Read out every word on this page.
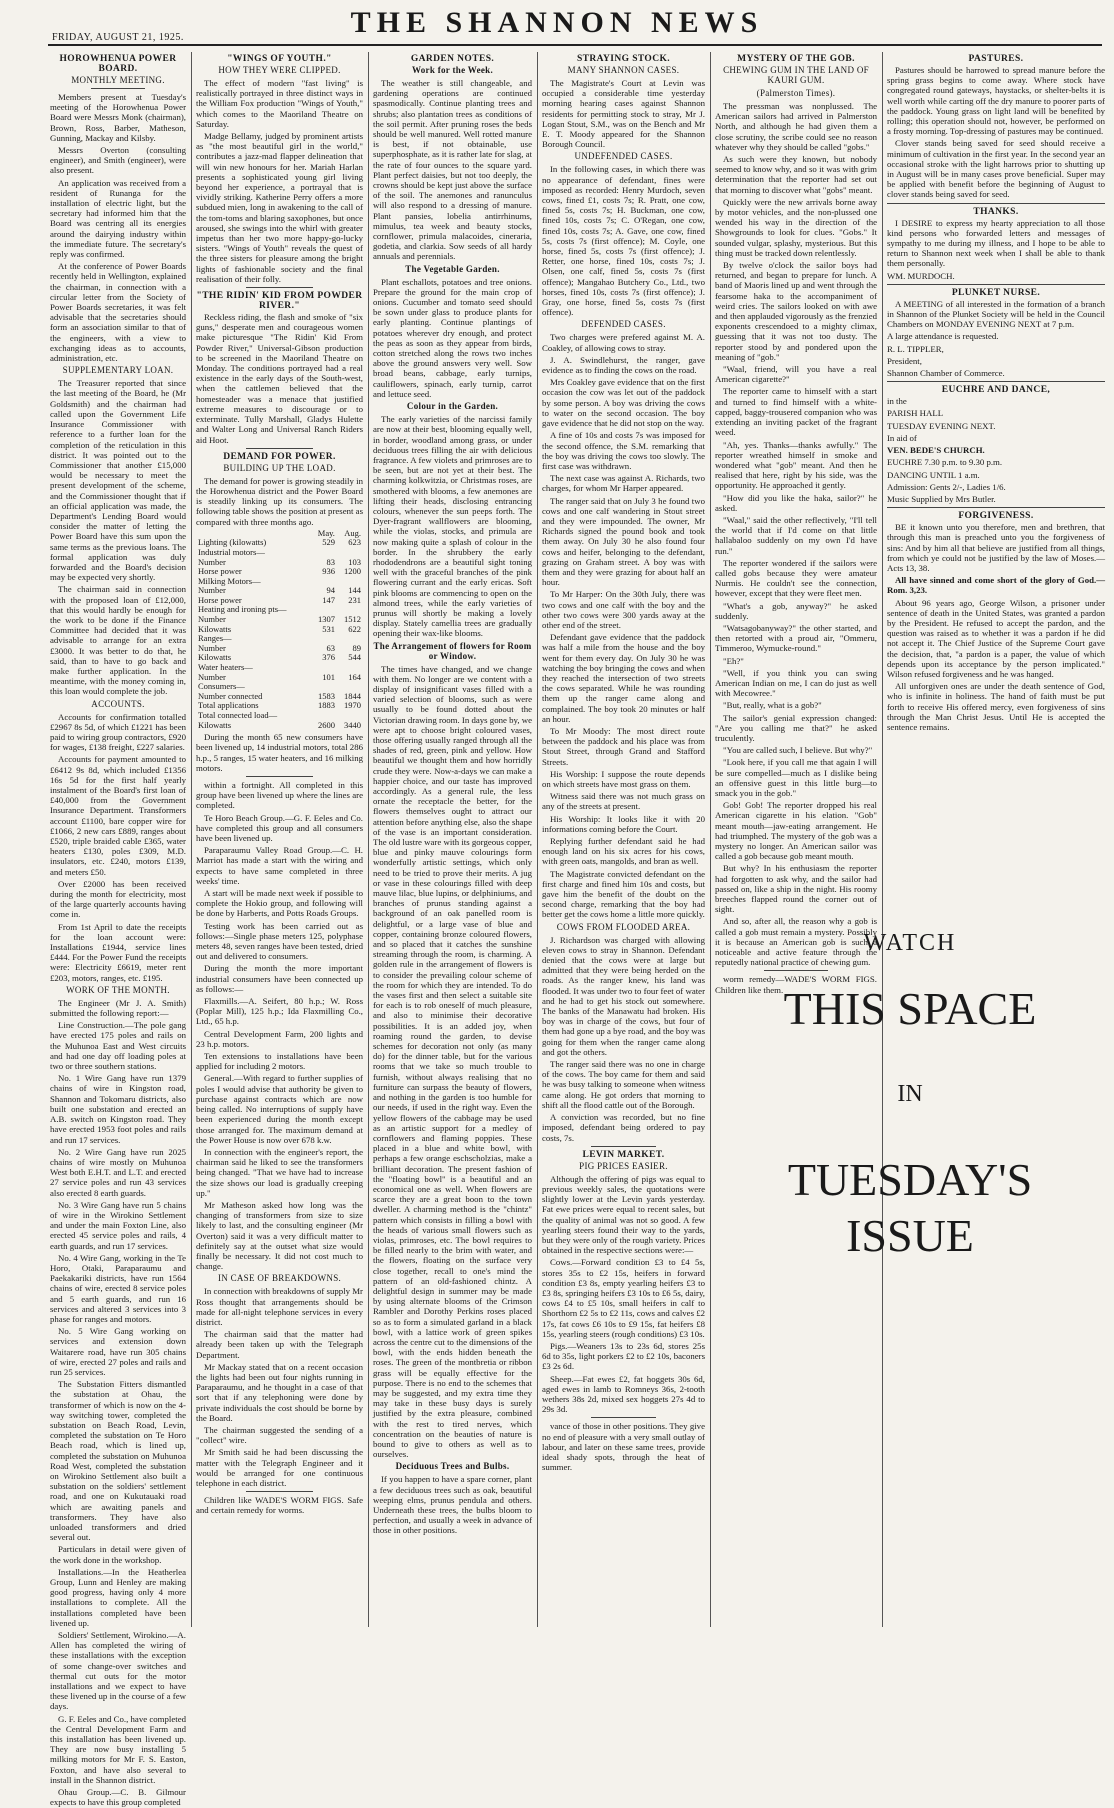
FRIDAY, AUGUST 21, 1925.	THE SHANNON NEWS
HOROWHENUA POWER BOARD.
MONTHLY MEETING.

Members present at Tuesday's meeting of the Horowhenua Power Board were Messrs Monk (chairman), Brown, Ross, Barber, Matheson, Gunning, Mackay and Kilsby.

Messrs Overton (consulting engineer), and Smith (engineer), were also present.

An application was received from a resident of Runanga for the installation of electric light, but the secretary had informed him that the Board was centring all its energies around the dairying industry within the immediate future. The secretary's reply was confirmed.

At the conference of Power Boards recently held in Wellington, explained the chairman, in connection with a circular letter from the Society of Power Boards secretaries, it was felt advisable that the secretaries should form an association similar to that of the engineers, with a view to exchanging ideas as to accounts, administration, etc.

SUPPLEMENTARY LOAN.

The Treasurer reported that since the last meeting of the Board, he (Mr Goldsmith) and the chairman had called upon the Government Life Insurance Commissioner with reference to a further loan for the completion of the reticulation in this district. It was pointed out to the Commissioner that another £15,000 would be necessary to meet the present development of the scheme, and the Commissioner thought that if an official application was made, the Department's Lending Board would consider the matter of letting the Power Board have this sum upon the same terms as the previous loans. The formal application was duly forwarded and the Board's decision may be expected very shortly.

The chairman said in connection with the proposed loan of £12,000, that this would hardly be enough for the work to be done if the Finance Committee had decided that it was advisable to arrange for an extra £3000. It was better to do that, he said, than to have to go back and make further application. In the meantime, with the money coming in, this loan would complete the job.

ACCOUNTS.

Accounts for confirmation totalled £2967 8s 5d, of which £1221 has been paid to wiring group contractors, £920 for wages, £138 freight, £227 salaries.

Accounts for payment amounted to £6412 9s 8d, which included £1356 16s 5d for the first half yearly instalment of the Board's first loan of £40,000 from the Government Insurance Department. Transformers account £1100, bare copper wire for £1066, 2 new cars £889, ranges about £520, triple braided cable £365, water heaters £130, poles £309, M.D. insulators, etc. £240, motors £139, and meters £50.

Over £2000 has been received during the month for electricity, most of the large quarterly accounts having come in.

From 1st April to date the receipts for the loan account were: Installations £1944, service lines £444. For the Power Fund the receipts were: Electricity £6619, meter rent £203, motors, ranges, etc. £195.

WORK OF THE MONTH.

The Engineer (Mr J. A. Smith) submitted the following report:—

Line Construction.—The pole gang have erected 175 poles and rails on the Muhunoa East and West circuits and had one day off loading poles at two or three southern stations.

No. 1 Wire Gang have run 1379 chains of wire in Kingston road, Shannon and Tokomaru districts, also built one substation and erected an A.B. switch on Kingston road. They have erected 1953 foot poles and rails and run 17 services.

No. 2 Wire Gang have run 2025 chains of wire mostly on Muhunoa West both E.H.T. and L.T. and erected 27 service poles and run 43 services also erected 8 earth guards.

No. 3 Wire Gang have run 5 chains of wire in the Wirokino Settlement and under the main Foxton Line, also erected 45 service poles and rails, 4 earth guards, and run 17 services.

No. 4 Wire Gang, working in the Te Horo, Otaki, Paraparaumu and Paekakariki districts, have run 1564 chains of wire, erected 8 service poles and 5 earth guards, and run 16 services and altered 3 services into 3 phase for ranges and motors.

No. 5 Wire Gang working on services and extension down Waitarere road, have run 305 chains of wire, erected 27 poles and rails and run 25 services.

The Substation Fitters dismantled the substation at Ohau, the transformer of which is now on the 4-way switching tower, completed the substation on Beach Road, Levin, completed the substation on Te Horo Beach road, which is lined up, completed the substation on Muhunoa Road West, completed the substation on Wirokino Settlement also built a substation on the soldiers' settlement road, and one on Kukutauaki road which are awaiting panels and transformers. They have also unloaded transformers and dried several out.

Particulars in detail were given of the work done in the workshop.

Installations.—In the Heatherlea Group, Lunn and Henley are making good progress, having only 4 more installations to complete. All the installations completed have been livened up.

Soldiers' Settlement, Wirokino.—A. Allen has completed the wiring of these installations with the exception of some change-over switches and thermal cut outs for the motor installations and we expect to have these livened up in the course of a few days.

G. F. Eeles and Co., have completed the Central Development Farm and this installation has been livened up. They are now busy installing 5 milking motors for Mr F. S. Easton, Foxton, and have also several to install in the Shannon district.

Ohau Group.—C. B. Gilmour expects to have this group completed

"WINGS OF YOUTH."
HOW THEY WERE CLIPPED.

The effect of modern "fast living" is realistically portrayed in three distinct ways in the William Fox production "Wings of Youth," which comes to the Maoriland Theatre on Saturday.

Madge Bellamy, judged by prominent artists as "the most beautiful girl in the world," contributes a jazz-mad flapper delineation that will win new honours for her. Mariah Harlan presents a sophisticated young girl living beyond her experience, a portrayal that is vividly striking. Katherine Perry offers a more subdued mien, long in awakening to the call of the tom-toms and blaring saxophones, but once aroused, she swings into the whirl with greater impetus than her two more happy-go-lucky sisters. "Wings of Youth" reveals the quest of the three sisters for pleasure among the bright lights of fashionable society and the final realisation of their folly.

"THE RIDIN' KID FROM POWDER RIVER."

Reckless riding, the flash and smoke of "six guns," desperate men and courageous women make picturesque "The Ridin' Kid From Powder River," Universal-Gibson production to be screened in the Maoriland Theatre on Monday. The conditions portrayed had a real existence in the early days of the South-west, when the cattlemen believed that the homesteader was a menace that justified extreme measures to discourage or to exterminate. Tully Marshall, Gladys Hulette and Walter Long and Universal Ranch Riders aid Hoot.

DEMAND FOR POWER.
BUILDING UP THE LOAD.

The demand for power is growing steadily in the Horowhenua district and the Power Board is steadily linking up its consumers. The following table shows the position at present as compared with three months ago.

	May.	Aug.
Lighting (kilowatts)	529	623
Industrial motors—		
Number	83	103
Horse power	936	1200
Milking Motors—		
Number	94	144
Horse power	147	231
Heating and ironing pts—		
Number	1307	1512
Kilowatts	531	622
Ranges—		
Number	63	89
Kilowatts	376	544
Water heaters—		
Number	101	164
Consumers—		
Number connected	1583	1844
Total applications	1883	1970
Total connected load—		
Kilowatts	2600	3440

During the month 65 new consumers have been livened up, 14 industrial motors, total 286 h.p., 5 ranges, 15 water heaters, and 16 milking motors.

within a fortnight. All completed in this group have been livened up where the lines are completed.

Te Horo Beach Group.—G. F. Eeles and Co. have completed this group and all consumers have been livened up.

Paraparaumu Valley Road Group.—C. H. Marriot has made a start with the wiring and expects to have same completed in three weeks' time.

A start will be made next week if possible to complete the Hokio group, and following will be done by Harberts, and Potts Roads Groups.

Testing work has been carried out as follows:—Single phase meters 125, polyphase meters 48, seven ranges have been tested, dried out and delivered to consumers.

During the month the more important industrial consumers have been connected up as follows:—

Flaxmills.—A. Seifert, 80 h.p.; W. Ross (Poplar Mill), 125 h.p.; Ida Flaxmilling Co., Ltd., 65 h.p.

Central Development Farm, 200 lights and 23 h.p. motors.

Ten extensions to installations have been applied for including 2 motors.

General.—With regard to further supplies of poles I would advise that authority be given to purchase against contracts which are now being called. No interruptions of supply have been experienced during the month except those arranged for. The maximum demand at the Power House is now over 678 k.w.

In connection with the engineer's report, the chairman said he liked to see the transformers being changed. "That we have had to increase the size shows our load is gradually creeping up."

Mr Matheson asked how long was the changing of transformers from size to size likely to last, and the consulting engineer (Mr Overton) said it was a very difficult matter to definitely say at the outset what size would finally be necessary. It did not cost much to change.

IN CASE OF BREAKDOWNS.

In connection with breakdowns of supply Mr Ross thought that arrangements should be made for all-night telephone services in every district.

The chairman said that the matter had already been taken up with the Telegraph Department.

Mr Mackay stated that on a recent occasion the lights had been out four nights running in Paraparaumu, and he thought in a case of that sort that if any telephoning were done by private individuals the cost should be borne by the Board.

The chairman suggested the sending of a "collect" wire.

Mr Smith said he had been discussing the matter with the Telegraph Engineer and it would be arranged for one continuous telephone in each district.

Children like WADE'S WORM FIGS. Safe and certain remedy for worms.

GARDEN NOTES.
Work for the Week.

The weather is still changeable, and gardening operations are continued spasmodically. Continue planting trees and shrubs; also plantation trees as conditions of the soil permit. After pruning roses the beds should be well manured. Well rotted manure is best, if not obtainable, use superphosphate, as it is rather late for slag, at the rate of four ounces to the square yard. Plant perfect daisies, but not too deeply, the crowns should be kept just above the surface of the soil. The anemones and ranunculus will also respond to a dressing of manure. Plant pansies, lobelia antirrhinums, mimulus, tea week and beauty stocks, cornflower, primula malacoides, cineraria, godetia, and clarkia. Sow seeds of all hardy annuals and perennials.

The Vegetable Garden.

Plant eschallots, potatoes and tree onions. Prepare the ground for the main crop of onions. Cucumber and tomato seed should be sown under glass to produce plants for early planting. Continue plantings of potatoes wherever dry enough, and protect the peas as soon as they appear from birds, cotton stretched along the rows two inches above the ground answers very well. Sow broad beans, cabbage, early turnips, cauliflowers, spinach, early turnip, carrot and lettuce seed.

Colour in the Garden.

The early varieties of the narcissi family are now at their best, blooming equally well, in border, woodland among grass, or under deciduous trees filling the air with delicious fragrance. A few violets and primroses are to be seen, but are not yet at their best. The charming kolkwitzia, or Christmas roses, are smothered with blooms, a few anemones are lifting their heads, disclosing entrancing colours, whenever the sun peeps forth. The Dyer-fragrant wallflowers are blooming, while the violas, stocks, and primula are now making quite a splash of colour in the border. In the shrubbery the early rhododendrons are a beautiful sight toning well with the graceful branches of the pink flowering currant and the early ericas. Soft pink blooms are commencing to open on the almond trees, while the early varieties of prunus will shortly be making a lovely display. Stately camellia trees are gradually opening their wax-like blooms.

The Arrangement of flowers for Room or Window.

The times have changed, and we change with them. No longer are we content with a display of insignificant vases filled with a varied selection of blooms, such as were usually to be found dotted about the Victorian drawing room. In days gone by, we were apt to choose bright coloured vases, those offering usually ranged through all the shades of red, green, pink and yellow. How beautiful we thought them and how horridly crude they were. Now-a-days we can make a happier choice, and our taste has improved accordingly. As a general rule, the less ornate the receptacle the better, for the flowers themselves ought to attract our attention before anything else, also the shape of the vase is an important consideration. The old lustre ware with its gorgeous copper, blue and pinky mauve colourings form wonderfully artistic settings, which only need to be tried to prove their merits. A jug or vase in these colourings filled with deep mauve lilac, blue lupins, or delphiniums, and branches of prunus standing against a background of an oak panelled room is delightful, or a large vase of blue and copper, containing bronze coloured flowers, and so placed that it catches the sunshine streaming through the room, is charming. A golden rule in the arrangement of flowers is to consider the prevailing colour scheme of the room for which they are intended. To do the vases first and then select a suitable site for each is to rob oneself of much pleasure, and also to minimise their decorative possibilities. It is an added joy, when roaming round the garden, to devise schemes for decoration not only (as many do) for the dinner table, but for the various rooms that we take so much trouble to furnish, without always realising that no furniture can surpass the beauty of flowers, and nothing in the garden is too humble for our needs, if used in the right way. Even the yellow flowers of the cabbage may be used as an artistic support for a medley of cornflowers and flaming poppies. These placed in a blue and white bowl, with perhaps a few orange eschscholzias, make a brilliant decoration. The present fashion of the "floating bowl" is a beautiful and an economical one as well. When flowers are scarce they are a great boon to the town dweller. A charming method is the "chintz" pattern which consists in filling a bowl with the heads of various small flowers such as violas, primroses, etc. The bowl requires to be filled nearly to the brim with water, and the flowers, floating on the surface very close together, recall to one's mind the pattern of an old-fashioned chintz. A delightful design in summer may be made by using alternate blooms of the Crimson Rambler and Dorothy Perkins roses placed so as to form a simulated garland in a black bowl, with a lattice work of green spikes across the centre cut to the dimensions of the bowl, with the ends hidden beneath the roses. The green of the montbretia or ribbon grass will be equally effective for the purpose. There is no end to the schemes that may be suggested, and my extra time they may take in these busy days is surely justified by the extra pleasure, combined with the rest to tired nerves, which concentration on the beauties of nature is bound to give to others as well as to ourselves.

Deciduous Trees and Bulbs.

If you happen to have a spare corner, plant a few deciduous trees such as oak, beautiful weeping elms, prunus pendula and others. Underneath these trees, the bulbs bloom to perfection, and usually a week in advance of those in other positions.

STRAYING STOCK.
MANY SHANNON CASES.

The Magistrate's Court at Levin was occupied a considerable time yesterday morning hearing cases against Shannon residents for permitting stock to stray, Mr J. Logan Stout, S.M., was on the Bench and Mr E. T. Moody appeared for the Shannon Borough Council.

UNDEFENDED CASES.

In the following cases, in which there was no appearance of defendant, fines were imposed as recorded: Henry Murdoch, seven cows, fined £1, costs 7s; R. Pratt, one cow, fined 5s, costs 7s; H. Buckman, one cow, fined 10s, costs 7s; C. O'Regan, one cow, fined 10s, costs 7s; A. Gave, one cow, fined 5s, costs 7s (first offence); M. Coyle, one horse, fined 5s, costs 7s (first offence); J. Retter, one horse, fined 10s, costs 7s; J. Olsen, one calf, fined 5s, costs 7s (first offence); Mangahao Butchery Co., Ltd., two horses, fined 10s, costs 7s (first offence); J. Gray, one horse, fined 5s, costs 7s (first offence).

DEFENDED CASES.

Two charges were prefered against M. A. Coakley, of allowing cows to stray.

J. A. Swindlehurst, the ranger, gave evidence as to finding the cows on the road.

Mrs Coakley gave evidence that on the first occasion the cow was let out of the paddock by some person. A boy was driving the cows to water on the second occasion. The boy gave evidence that he did not stop on the way.

A fine of 10s and costs 7s was imposed for the second offence, the S.M. remarking that the boy was driving the cows too slowly. The first case was withdrawn.

The next case was against A. Richards, two charges, for whom Mr Harper appeared.

The ranger said that on July 3 he found two cows and one calf wandering in Stout street and they were impounded. The owner, Mr Richards signed the pound book and took them away. On July 30 he also found four cows and heifer, belonging to the defendant, grazing on Graham street. A boy was with them and they were grazing for about half an hour.

To Mr Harper: On the 30th July, there was two cows and one calf with the boy and the other two cows were 300 yards away at the other end of the street.

Defendant gave evidence that the paddock was half a mile from the house and the boy went for them every day. On July 30 he was watching the boy bringing the cows and when they reached the intersection of two streets the cows separated. While he was rounding them up the ranger came along and complained. The boy took 20 minutes or half an hour.

To Mr Moody: The most direct route between the paddock and his place was from Stout Street, through Grand and Stafford Streets.

His Worship: I suppose the route depends on which streets have most grass on them.

Witness said there was not much grass on any of the streets at present.

His Worship: It looks like it with 20 informations coming before the Court.

Replying further defendant said he had enough land on his six acres for his cows, with green oats, mangolds, and bran as well.

The Magistrate convicted defendant on the first charge and fined him 10s and costs, but gave him the benefit of the doubt on the second charge, remarking that the boy had better get the cows home a little more quickly.

COWS FROM FLOODED AREA.

J. Richardson was charged with allowing eleven cows to stray in Shannon. Defendant denied that the cows were at large but admitted that they were being herded on the roads. As the ranger knew, his land was flooded. It was under two to four feet of water and he had to get his stock out somewhere. The banks of the Manawatu had broken. His boy was in charge of the cows, but four of them had gone up a bye road, and the boy was going for them when the ranger came along and got the others.

The ranger said there was no one in charge of the cows. The boy came for them and said he was busy talking to someone when witness came along. He got orders that morning to shift all the flood cattle out of the Borough.

A conviction was recorded, but no fine imposed, defendant being ordered to pay costs, 7s.

LEVIN MARKET.
PIG PRICES EASIER.

Although the offering of pigs was equal to previous weekly sales, the quotations were slightly lower at the Levin yards yesterday. Fat ewe prices were equal to recent sales, but the quality of animal was not so good. A few yearling steers found their way to the yards, but they were only of the rough variety. Prices obtained in the respective sections were:—

Cows.—Forward condition £3 to £4 5s, stores 35s to £2 15s, heifers in forward condition £3 8s, empty yearling heifers £3 to £3 8s, springing heifers £3 10s to £6 5s, dairy, cows £4 to £5 10s, small heifers in calf to Shorthorn £2 5s to £2 11s, cows and calves £2 17s, fat cows £6 10s to £9 15s, fat heifers £8 15s, yearling steers (rough conditions) £3 10s.

Pigs.—Weaners 13s to 23s 6d, stores 25s 6d to 35s, light porkers £2 to £2 10s, baconers £3 2s 6d.

Sheep.—Fat ewes £2, fat hoggets 30s 6d, aged ewes in lamb to Romneys 36s, 2-tooth wethers 38s 2d, mixed sex hoggets 27s 4d to 29s 3d.

vance of those in other positions. They give no end of pleasure with a very small outlay of labour, and later on these same trees, provide ideal shady spots, through the heat of summer.

MYSTERY OF THE GOB.
CHEWING GUM IN THE LAND OF KAURI GUM.
(Palmerston Times).

The pressman was nonplussed. The American sailors had arrived in Palmerston North, and although he had given them a close scrutiny, the scribe could see no reason whatever why they should be called "gobs."

As such were they known, but nobody seemed to know why, and so it was with grim determination that the reporter had set out that morning to discover what "gobs" meant.

Quickly were the new arrivals borne away by motor vehicles, and the non-plussed one wended his way in the direction of the Showgrounds to look for clues. "Gobs." It sounded vulgar, splashy, mysterious. But this thing must be tracked down relentlessly.

By twelve o'clock the sailor boys had returned, and began to prepare for lunch. A band of Maoris lined up and went through the fearsome haka to the accompaniment of weird cries. The sailors looked on with awe and then applauded vigorously as the frenzied exponents crescendoed to a mighty climax, guessing that it was not too dusty. The reporter stood by and pondered upon the meaning of "gob."

"Waal, friend, will you have a real American cigarette?"

The reporter came to himself with a start and turned to find himself with a white-capped, baggy-trousered companion who was extending an inviting packet of the fragrant weed.

"Ah, yes. Thanks—thanks awfully." The reporter wreathed himself in smoke and wondered what "gob" meant. And then he realised that here, right by his side, was the opportunity. He approached it gently.

"How did you like the haka, sailor?" he asked.

"Waal," said the other reflectively, "I'll tell the world that if I'd come on that little hallabaloo suddenly on my own I'd have run."

The reporter wondered if the sailors were called gobs because they were amateur Nurmis. He couldn't see the connection, however, except that they were fleet men.

"What's a gob, anyway?" he asked suddenly.

"Watsagobanyway?" the other started, and then retorted with a proud air, "Ommeru, Timmeroo, Wymucke-round."

"Eh?"

"Well, if you think you can swing American Indian on me, I can do just as well with Mecowree."

"But, really, what is a gob?"

The sailor's genial expression changed: "Are you calling me that?" he asked truculently.

"You are called such, I believe. But why?"

"Look here, if you call me that again I will be sure compelled—much as I dislike being an offensive guest in this little burg—to smack you in the gob."

Gob! Gob! The reporter dropped his real American cigarette in his elation. "Gob" meant mouth—jaw-eating arrangement. He had triumphed. The mystery of the gob was a mystery no longer. An American sailor was called a gob because gob meant mouth.

But why? In his enthusiasm the reporter had forgotten to ask why, and the sailor had passed on, like a ship in the night. His roomy breeches flapped round the corner out of sight.

And so, after all, the reason why a gob is called a gob must remain a mystery. Possibly it is because an American gob is such a noticeable and active feature through the reputedly national practice of chewing gum.

worm remedy—WADE'S WORM FIGS. Children like them.

PASTURES.

Pastures should be harrowed to spread manure before the spring grass begins to come away. Where stock have congregated round gateways, haystacks, or shelter-belts it is well worth while carting off the dry manure to poorer parts of the paddock. Young grass on light land will be benefited by rolling; this operation should not, however, be performed on a frosty morning. Top-dressing of pastures may be continued.

Clover stands being saved for seed should receive a minimum of cultivation in the first year. In the second year an occasional stroke with the light harrows prior to shutting up in August will be in many cases prove beneficial. Super may be applied with benefit before the beginning of August to clover stands being saved for seed.

THANKS.

I DESIRE to express my hearty appreciation to all those kind persons who forwarded letters and messages of sympathy to me during my illness, and I hope to be able to return to Shannon next week when I shall be able to thank them personally.

WM. MURDOCH.

PLUNKET NURSE.

A MEETING of all interested in the formation of a branch in Shannon of the Plunket Society will be held in the Council Chambers on MONDAY EVENING NEXT at 7 p.m.

A large attendance is requested.

R. L. TIPPLER,

President,

Shannon Chamber of Commerce.

EUCHRE AND DANCE,

in the

PARISH HALL

TUESDAY EVENING NEXT.

In aid of

VEN. BEDE'S CHURCH.

EUCHRE 7.30 p.m. to 9.30 p.m.

DANCING UNTIL 1 a.m.

Admission: Gents 2/-, Ladies 1/6.

Music Supplied by Mrs Butler.

FORGIVENESS.

BE it known unto you therefore, men and brethren, that through this man is preached unto you the forgiveness of sins: And by him all that believe are justified from all things, from which ye could not be justified by the law of Moses.—Acts 13, 38.

All have sinned and come short of the glory of God.—Rom. 3,23.

About 96 years ago, George Wilson, a prisoner under sentence of death in the United States, was granted a pardon by the President. He refused to accept the pardon, and the question was raised as to whether it was a pardon if he did not accept it. The Chief Justice of the Supreme Court gave the decision, that, "a pardon is a paper, the value of which depends upon its acceptance by the person implicated." Wilson refused forgiveness and he was hanged.

All unforgiven ones are under the death sentence of God, who is infinite in holiness. The hand of faith must be put forth to receive His offered mercy, even forgiveness of sins through the Man Christ Jesus. Until He is accepted the sentence remains.

WATCH
THIS SPACE
IN
TUESDAY'S
ISSUE
